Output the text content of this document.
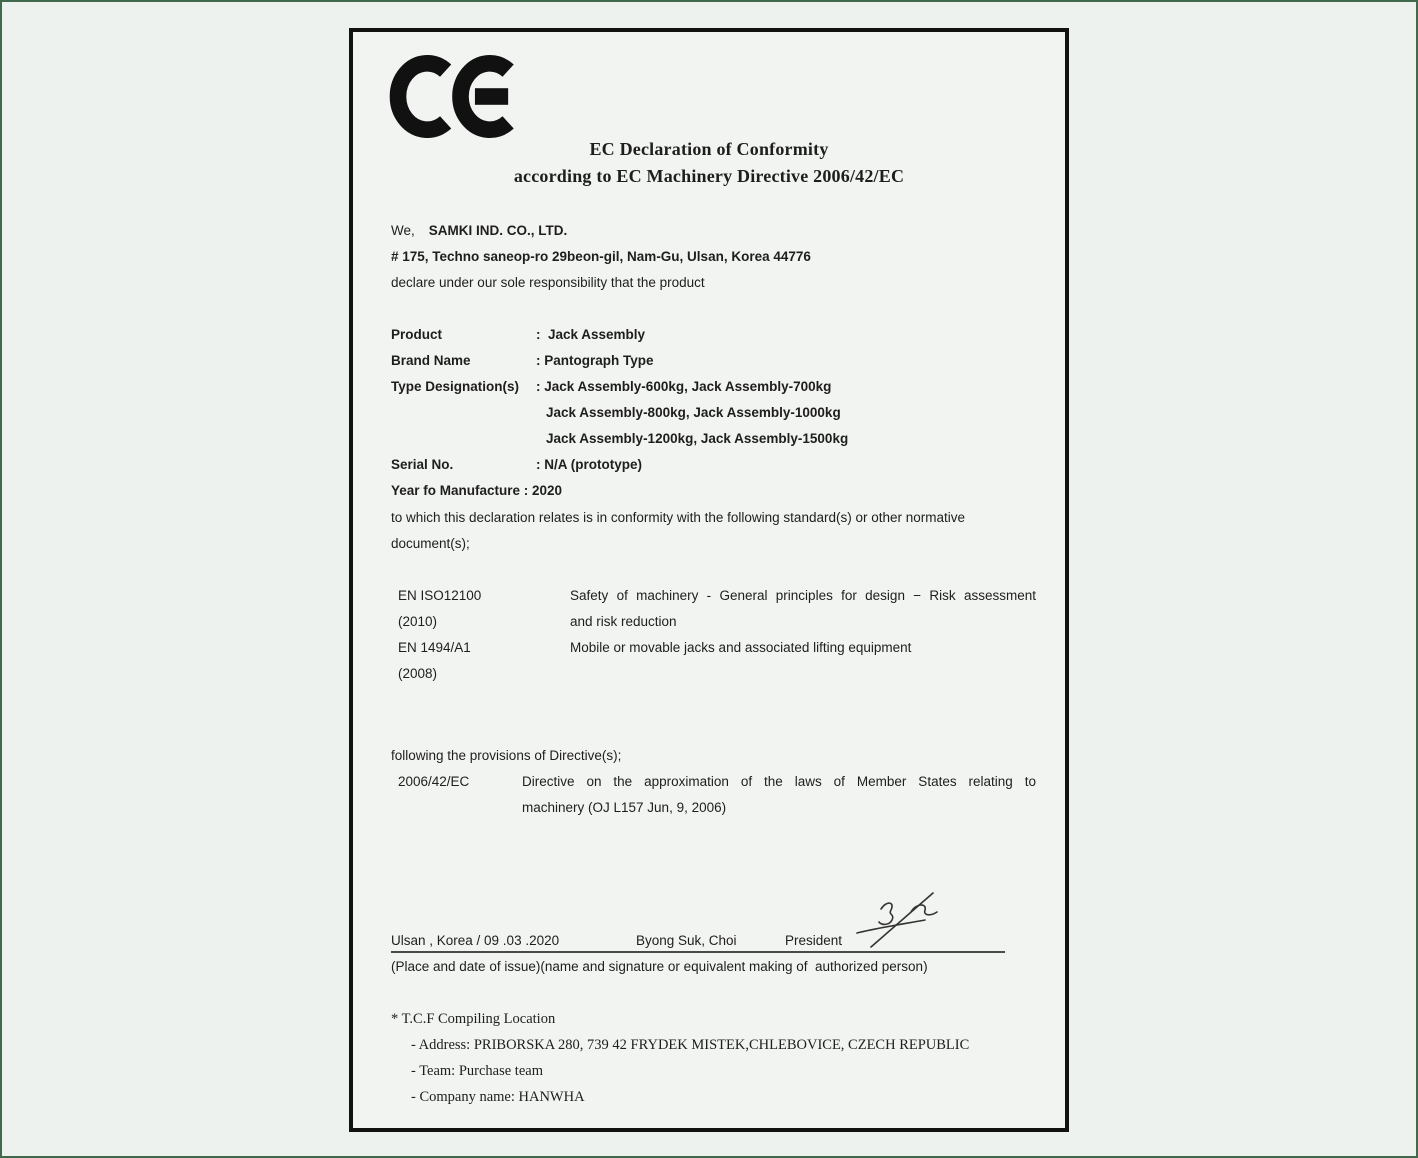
EC Declaration of Conformity
according to EC Machinery Directive 2006/42/EC
We, SAMKI IND. CO., LTD.
# 175, Techno saneop-ro 29beon-gil, Nam-Gu, Ulsan, Korea 44776
declare under our sole responsibility that the product
Product	:  Jack Assembly
Brand Name	: Pantograph Type
Type Designation(s)	: Jack Assembly-600kg, Jack Assembly-700kg
Jack Assembly-800kg, Jack Assembly-1000kg
Jack Assembly-1200kg, Jack Assembly-1500kg
Serial No.	: N/A (prototype)
Year fo Manufacture : 2020
to which this declaration relates is in conformity with the following standard(s) or other normative
document(s);
EN ISO12100	Safety of machinery - General principles for design − Risk assessment
(2010)	and risk reduction
EN 1494/A1	Mobile or movable jacks and associated lifting equipment
(2008)
following the provisions of Directive(s);
2006/42/EC	Directive on the approximation of the laws of Member States relating to
machinery (OJ L157 Jun, 9, 2006)
Ulsan , Korea / 09 .03 .2020	Byong Suk, Choi	President
(Place and date of issue)(name and signature or equivalent making of  authorized person)
* T.C.F Compiling Location
- Address: PRIBORSKA 280, 739 42 FRYDEK MISTEK,CHLEBOVICE, CZECH REPUBLIC
- Team: Purchase team
- Company name: HANWHA
